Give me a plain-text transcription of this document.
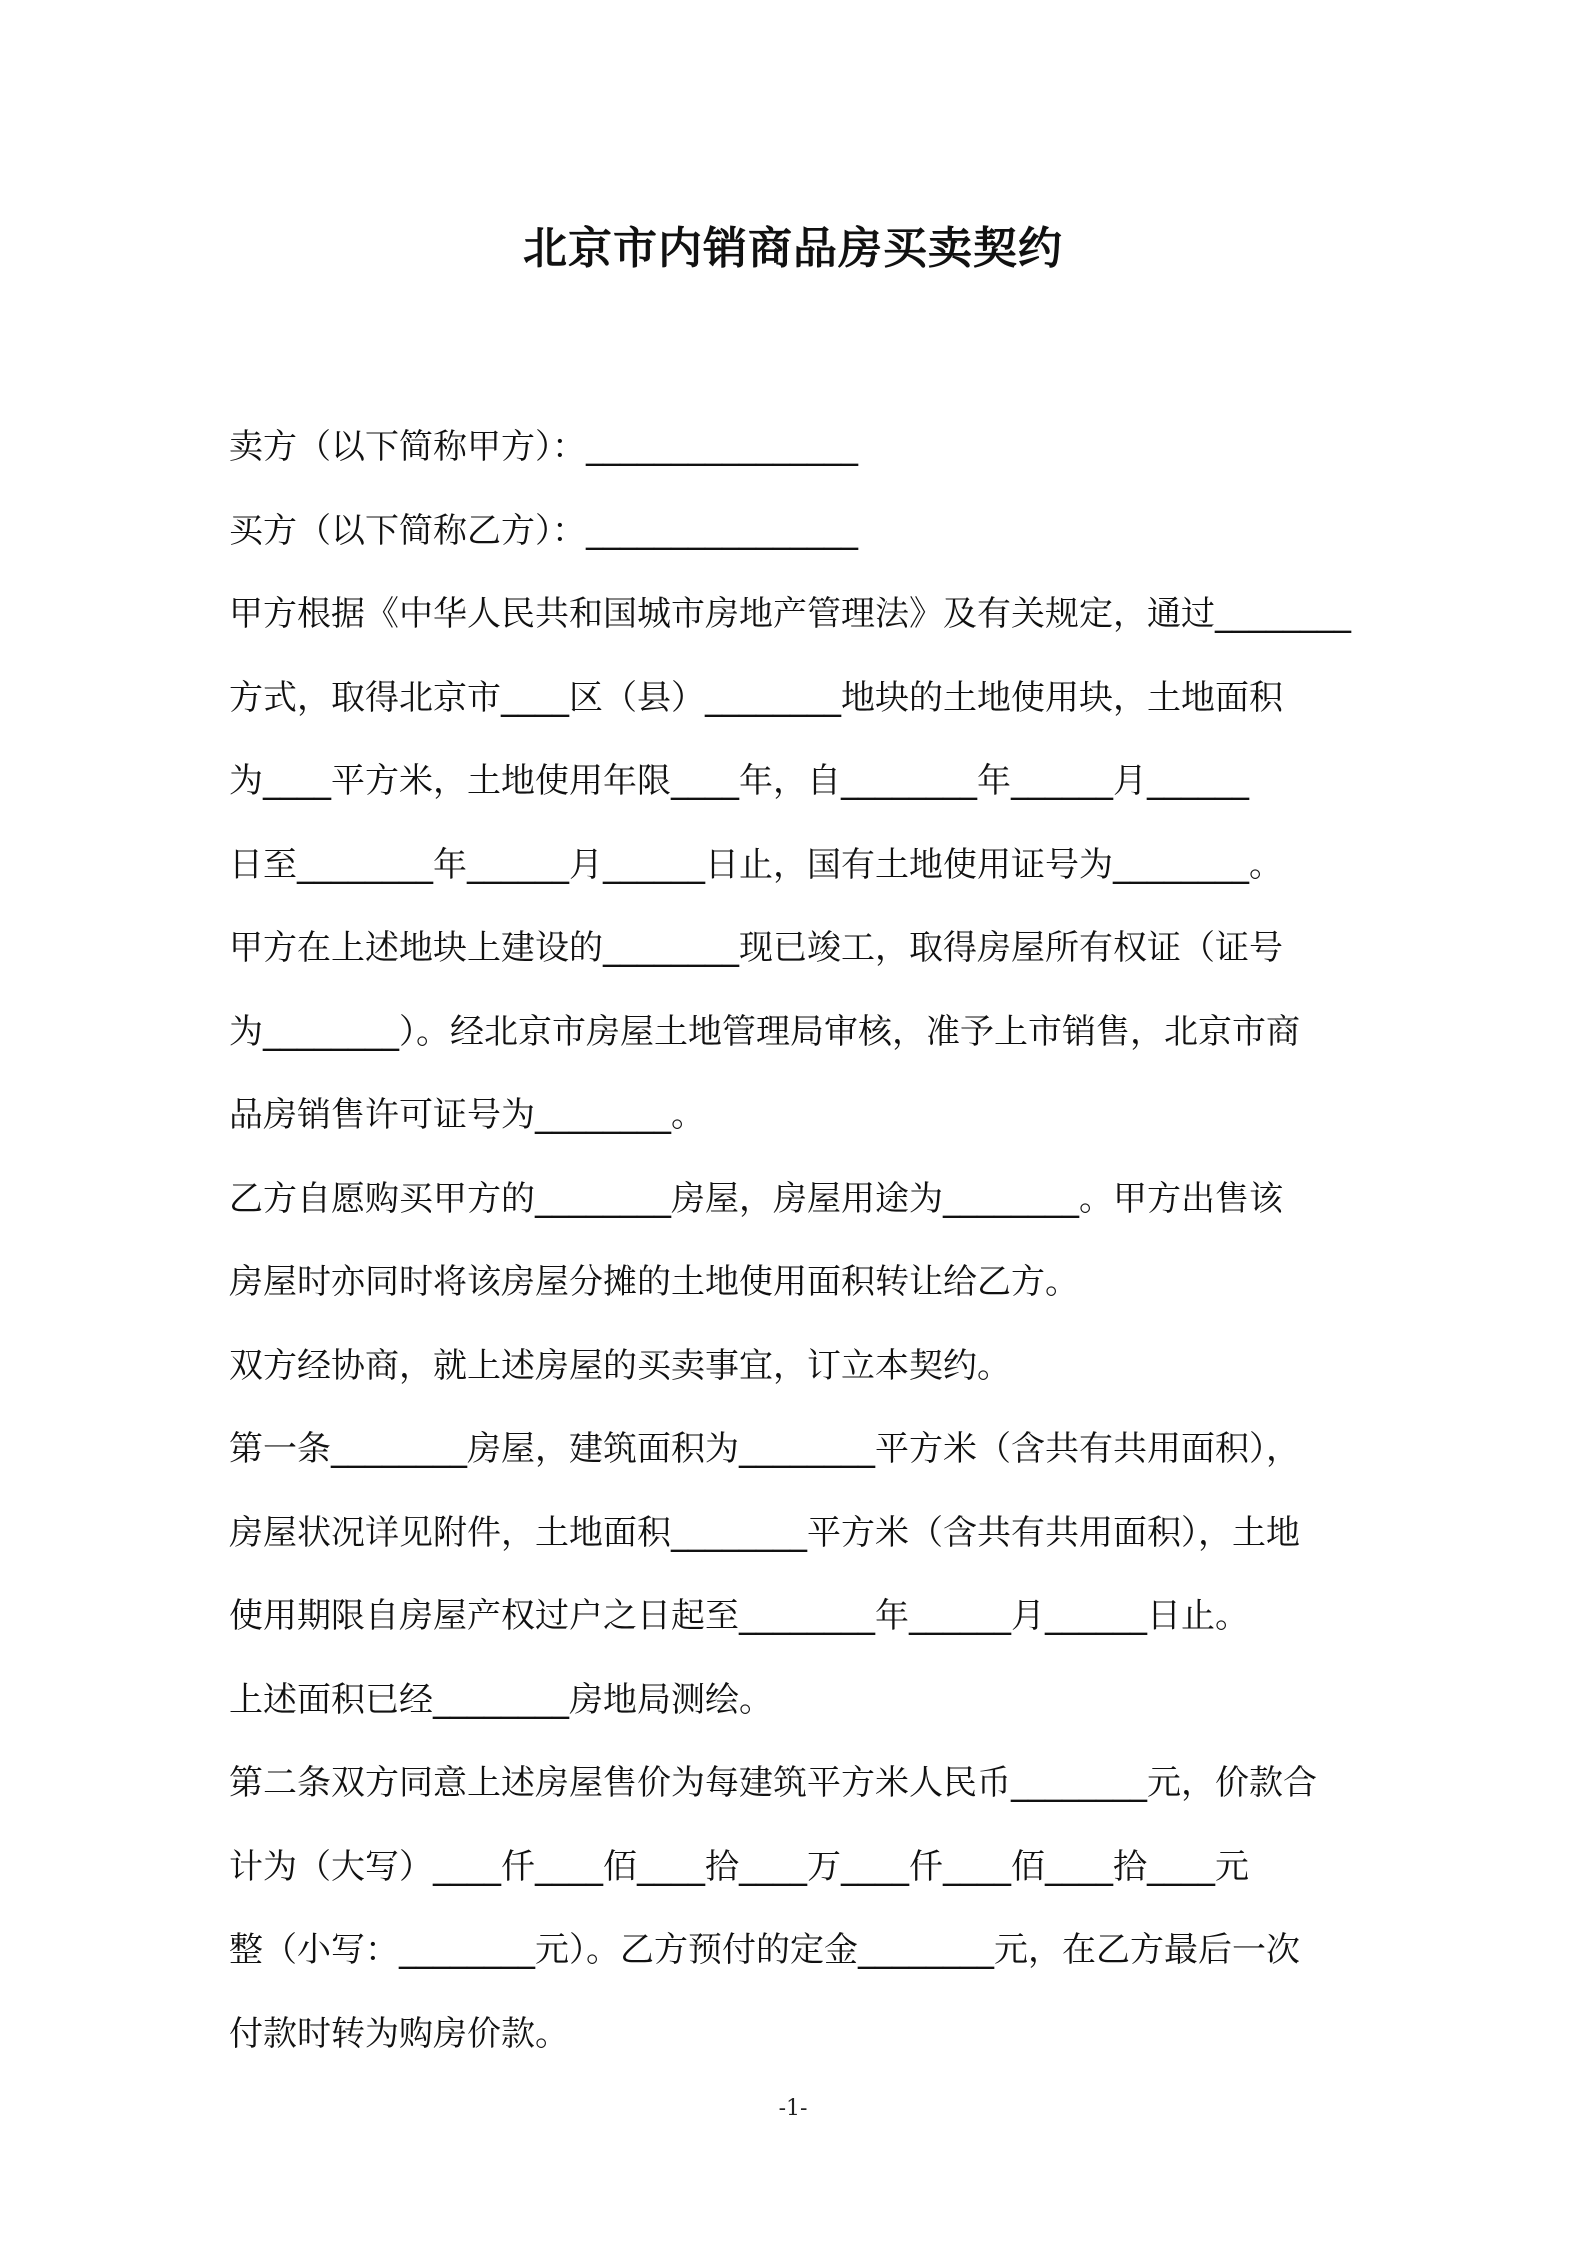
北京市内销商品房买卖契约
卖方（以下简称甲方）：________________
买方（以下简称乙方）：________________
甲方根据《中华人民共和国城市房地产管理法》及有关规定，通过________
方式，取得北京市____区（县）________地块的土地使用块，土地面积
为____平方米，土地使用年限____年，自________年______月______
日至________年______月______日止，国有土地使用证号为________。
甲方在上述地块上建设的________现已竣工，取得房屋所有权证（证号
为________）。经北京市房屋土地管理局审核，准予上市销售，北京市商
品房销售许可证号为________。
乙方自愿购买甲方的________房屋，房屋用途为________。甲方出售该
房屋时亦同时将该房屋分摊的土地使用面积转让给乙方。
双方经协商，就上述房屋的买卖事宜，订立本契约。
第一条________房屋，建筑面积为________平方米（含共有共用面积），
房屋状况详见附件，土地面积________平方米（含共有共用面积），土地
使用期限自房屋产权过户之日起至________年______月______日止。
上述面积已经________房地局测绘。
第二条双方同意上述房屋售价为每建筑平方米人民币________元，价款合
计为（大写）____仟____佰____拾____万____仟____佰____拾____元
整（小写：________元）。乙方预付的定金________元，在乙方最后一次
付款时转为购房价款。
-1-
